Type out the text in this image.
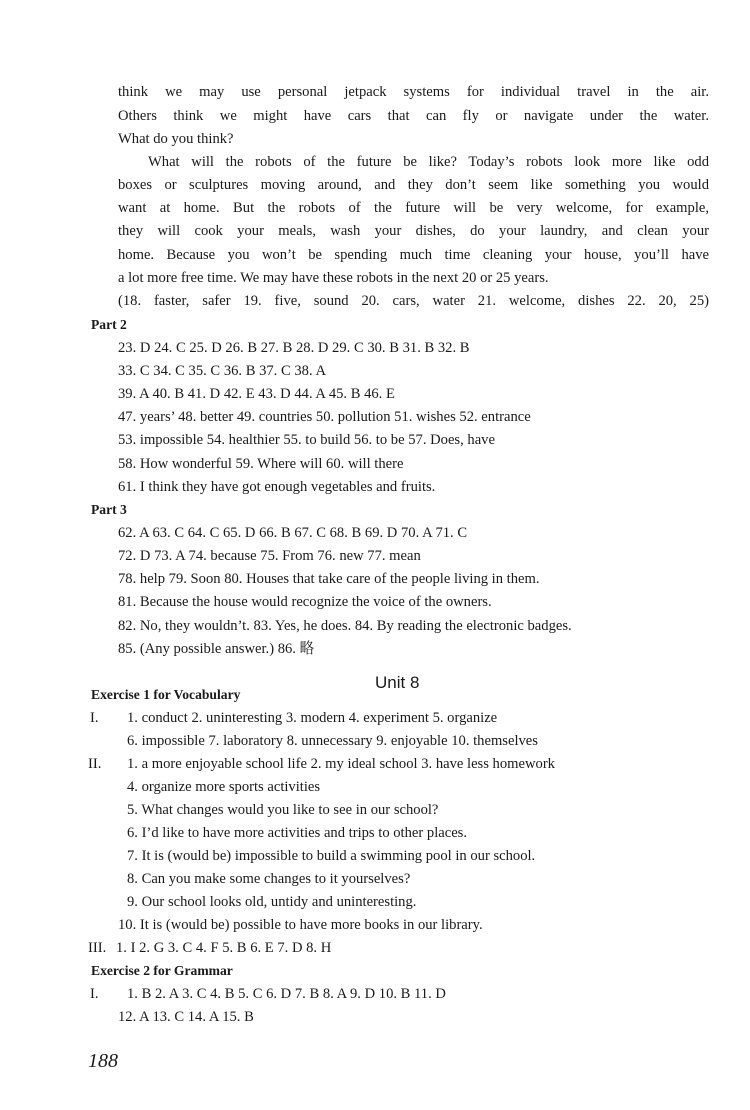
think we may use personal jetpack systems for individual travel in the air.
Others think we might have cars that can fly or navigate under the water.
What do you think?
What will the robots of the future be like? Today’s robots look more like odd
boxes or sculptures moving around, and they don’t seem like something you would
want at home. But the robots of the future will be very welcome, for example,
they will cook your meals, wash your dishes, do your laundry, and clean your
home. Because you won’t be spending much time cleaning your house, you’ll have
a lot more free time. We may have these robots in the next 20 or 25 years.
(18. faster, safer 19. five, sound 20. cars, water 21. welcome, dishes 22. 20, 25)
Part 2
23. D 24. C 25. D 26. B 27. B 28. D 29. C 30. B 31. B 32. B
33. C 34. C 35. C 36. B 37. C 38. A
39. A 40. B 41. D 42. E 43. D 44. A 45. B 46. E
47. years’ 48. better 49. countries 50. pollution 51. wishes 52. entrance
53. impossible 54. healthier 55. to build 56. to be 57. Does, have
58. How wonderful 59. Where will 60. will there
61. I think they have got enough vegetables and fruits.
Part 3
62. A 63. C 64. C 65. D 66. B 67. C 68. B 69. D 70. A 71. C
72. D 73. A 74. because 75. From 76. new 77. mean
78. help 79. Soon 80. Houses that take care of the people living in them.
81. Because the house would recognize the voice of the owners.
82. No, they wouldn’t. 83. Yes, he does. 84. By reading the electronic badges.
85. (Any possible answer.) 86. 略
Unit 8
Exercise 1 for Vocabulary
I. 1. conduct 2. uninteresting 3. modern 4. experiment 5. organize
6. impossible 7. laboratory 8. unnecessary 9. enjoyable 10. themselves
II. 1. a more enjoyable school life 2. my ideal school 3. have less homework
4. organize more sports activities
5. What changes would you like to see in our school?
6. I’d like to have more activities and trips to other places.
7. It is (would be) impossible to build a swimming pool in our school.
8. Can you make some changes to it yourselves?
9. Our school looks old, untidy and uninteresting.
10. It is (would be) possible to have more books in our library.
III. 1. I 2. G 3. C 4. F 5. B 6. E 7. D 8. H
Exercise 2 for Grammar
I. 1. B 2. A 3. C 4. B 5. C 6. D 7. B 8. A 9. D 10. B 11. D
12. A 13. C 14. A 15. B
188
